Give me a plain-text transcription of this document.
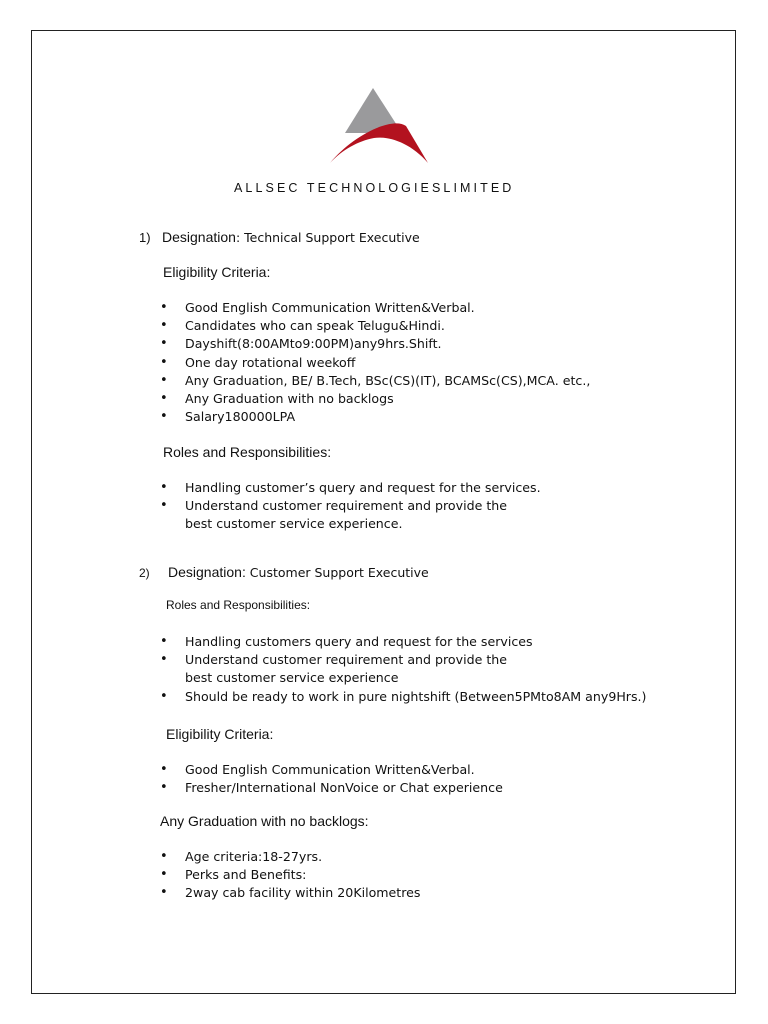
ALLSEC TECHNOLOGIESLIMITED
1) Designation: Technical Support Executive
Eligibility Criteria:
• Good English Communication Written&Verbal.
• Candidates who can speak Telugu&Hindi.
• Dayshift(8:00AMto9:00PM)any9hrs.Shift.
• One day rotational weekoff
• Any Graduation, BE/ B.Tech, BSc(CS)(IT), BCAMSc(CS),MCA. etc.,
• Any Graduation with no backlogs
• Salary180000LPA
Roles and Responsibilities:
• Handling customer’s query and request for the services.
• Understand customer requirement and provide the
best customer service experience.
2) Designation: Customer Support Executive
Roles and Responsibilities:
• Handling customers query and request for the services
• Understand customer requirement and provide the
best customer service experience
• Should be ready to work in pure nightshift (Between5PMto8AM any9Hrs.)
Eligibility Criteria:
• Good English Communication Written&Verbal.
• Fresher/International NonVoice or Chat experience
Any Graduation with no backlogs:
• Age criteria:18-27yrs.
• Perks and Benefits:
• 2way cab facility within 20Kilometres
